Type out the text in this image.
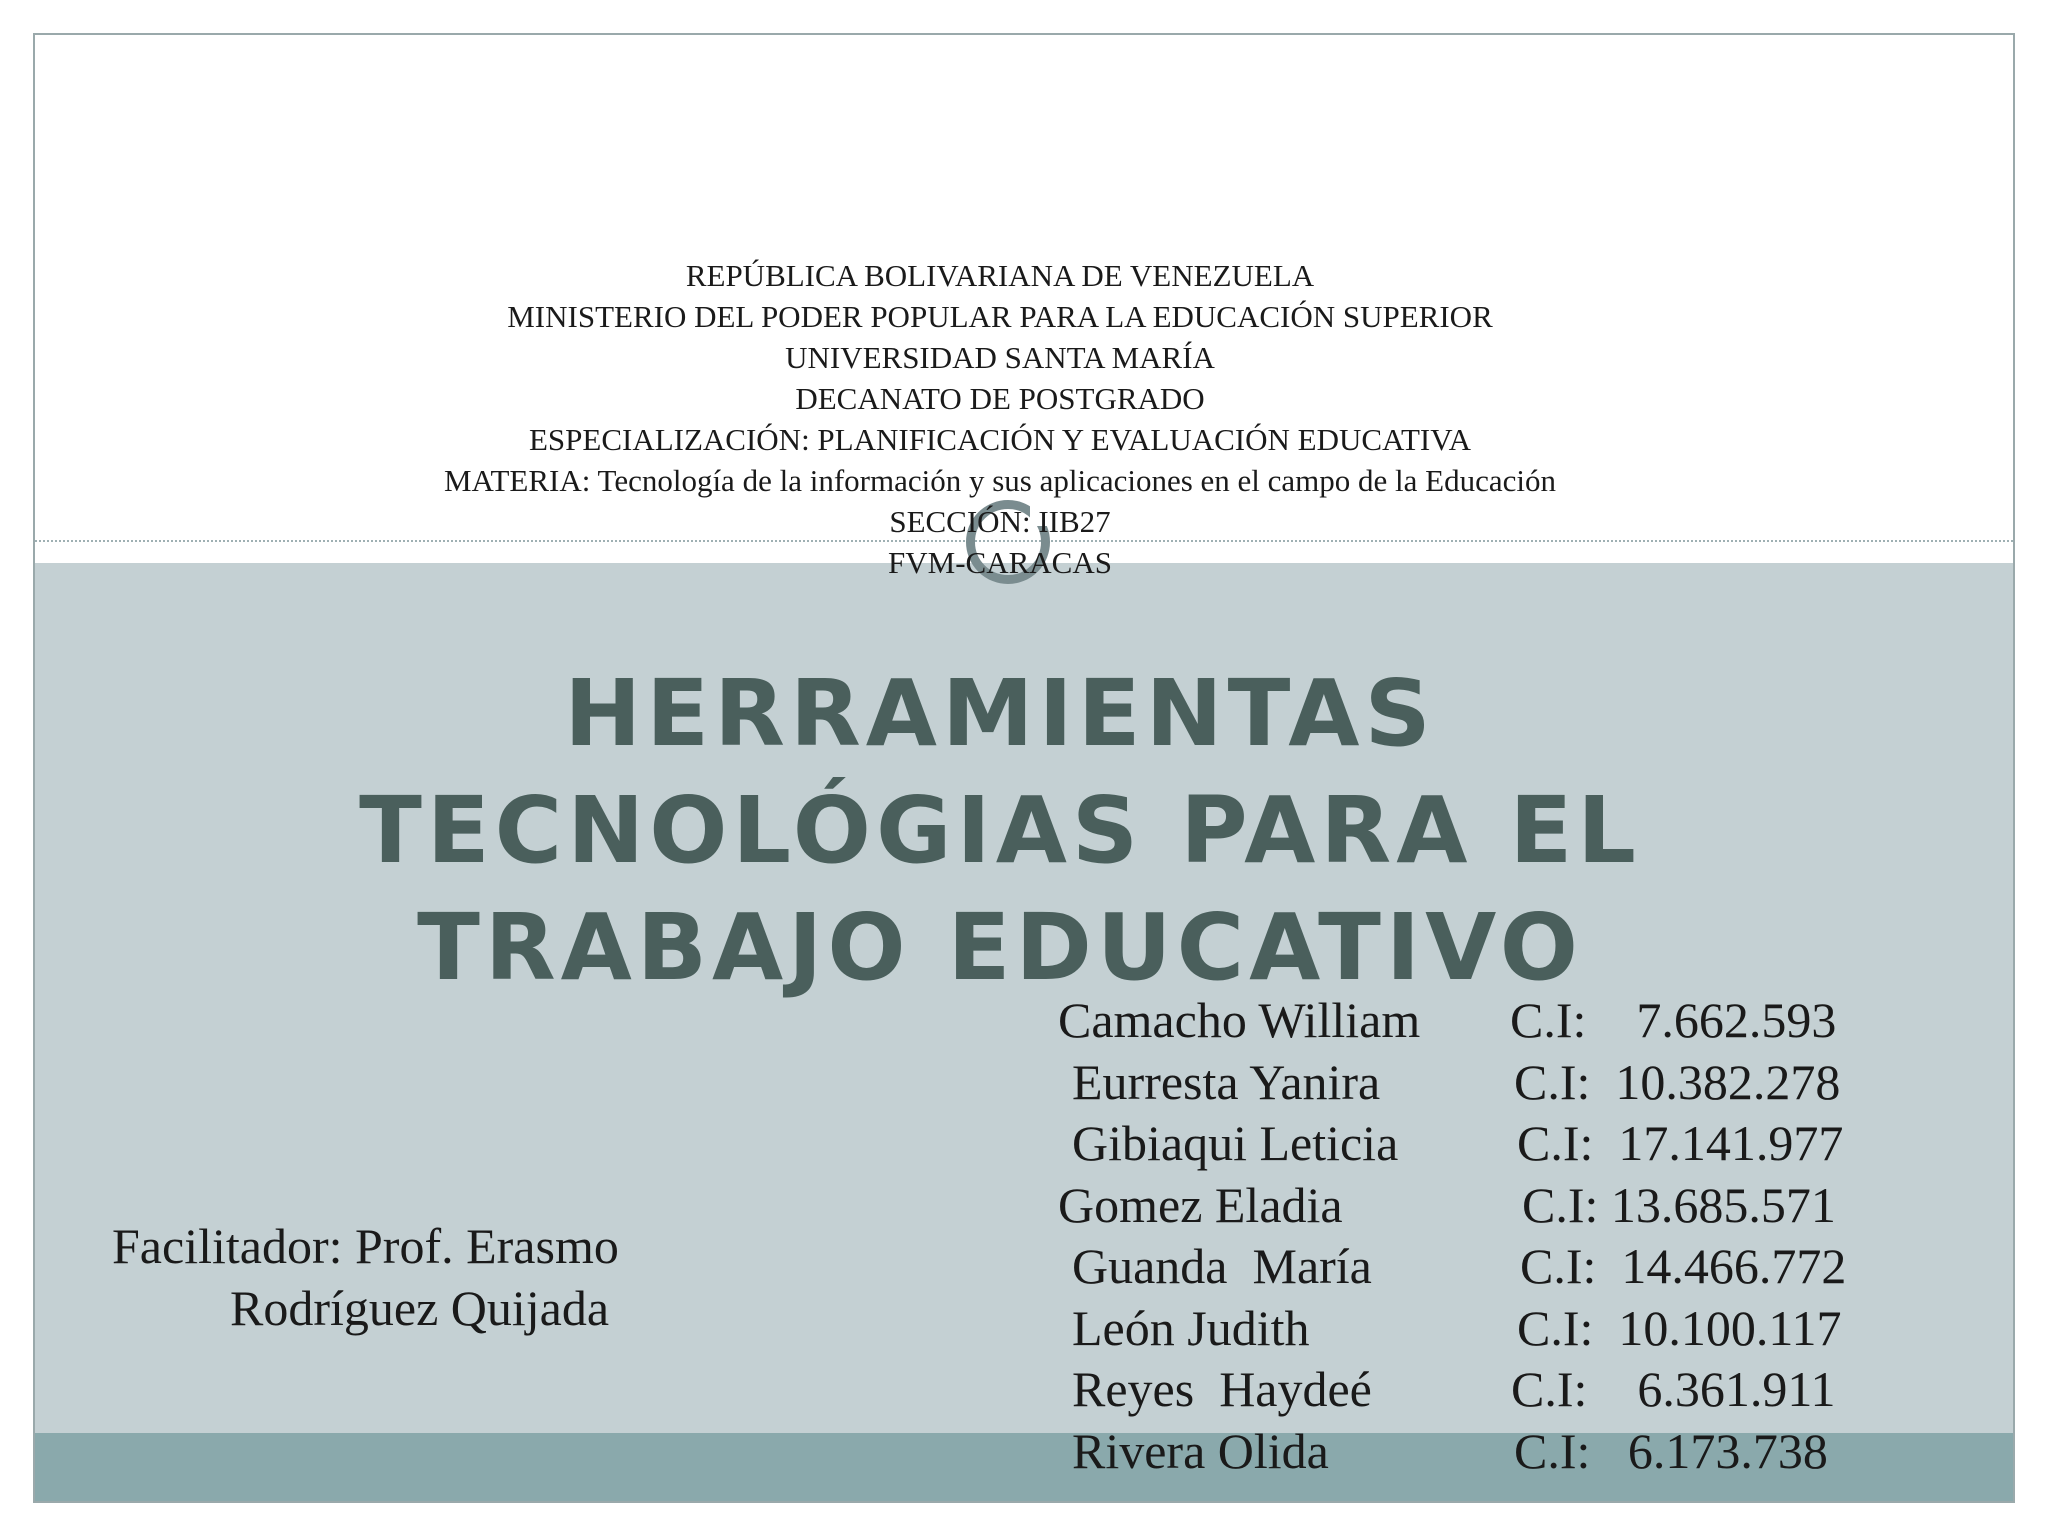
REPÚBLICA BOLIVARIANA DE VENEZUELA
MINISTERIO DEL PODER POPULAR PARA LA EDUCACIÓN SUPERIOR
UNIVERSIDAD SANTA MARÍA
DECANATO DE POSTGRADO
ESPECIALIZACIÓN: PLANIFICACIÓN Y EVALUACIÓN EDUCATIVA
MATERIA: Tecnología de la información y sus aplicaciones en el campo de la Educación
SECCIÓN: IIB27
FVM-CARACAS
HERRAMIENTAS
TECNOLÓGIAS PARA EL
TRABAJO EDUCATIVO
Facilitador: Prof. Erasmo
Rodríguez Quijada
Camacho William C.I:    7.662.593
Eurresta Yanira	C.I:  10.382.278
Gibiaqui Leticia C.I:  17.141.977
Gomez Eladia	C.I: 13.685.571
Guanda  María	C.I:  14.466.772
León Judith	C.I:  10.100.117
Reyes  Haydeé	C.I:    6.361.911
Rivera Olida	C.I:   6.173.738
